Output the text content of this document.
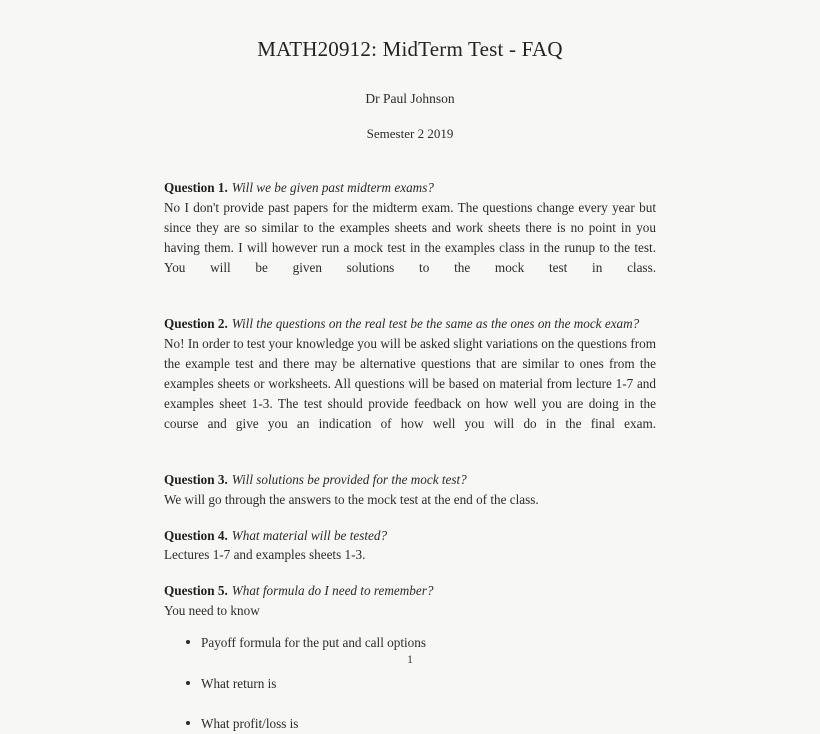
MATH20912: MidTerm Test - FAQ

Dr Paul Johnson

Semester 2 2019

Question 1. Will we be given past midterm exams?

No I don't provide past papers for the midterm exam. The questions change every year but since they are so similar to the examples sheets and work sheets there is no point in you having them. I will however run a mock test in the examples class in the runup to the test. You will be given solutions to the mock test in class.

Question 2. Will the questions on the real test be the same as the ones on the mock exam?

No! In order to test your knowledge you will be asked slight variations on the questions from the example test and there may be alternative questions that are similar to ones from the examples sheets or worksheets. All questions will be based on material from lecture 1-7 and examples sheet 1-3. The test should provide feedback on how well you are doing in the course and give you an indication of how well you will do in the final exam.

Question 3. Will solutions be provided for the mock test?

We will go through the answers to the mock test at the end of the class.

Question 4. What material will be tested?

Lectures 1-7 and examples sheets 1-3.

Question 5. What formula do I need to remember?

You need to know

Payoff formula for the put and call options
What return is
What profit/loss is
1
